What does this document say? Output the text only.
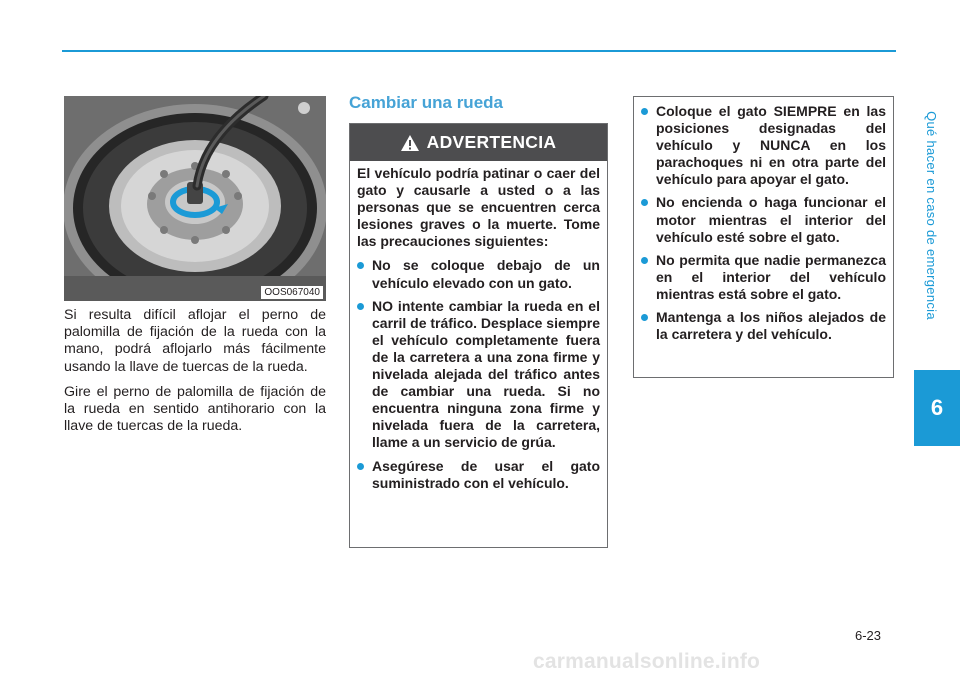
Qué hacer en caso de emergencia
6
OOS067040

Si resulta difícil aflojar el perno de palomilla de fijación de la rueda con la mano, podrá aflojarlo más fácilmente usando la llave de tuercas de la rueda.

Gire el perno de palomilla de fijación de la rueda en sentido antihorario con la llave de tuercas de la rueda.

Cambiar una rueda
ADVERTENCIA

El vehículo podría patinar o caer del gato y causarle a usted o a las personas que se encuentren cerca lesiones graves o la muerte. Tome las precauciones siguientes:

No se coloque debajo de un vehículo elevado con un gato.
NO intente cambiar la rueda en el carril de tráfico. Desplace siempre el vehículo completamente fuera de la carretera a una zona firme y nivelada alejada del tráfico antes de cambiar una rueda. Si no encuentra ninguna zona firme y nivelada fuera de la carretera, llame a un servicio de grúa.
Asegúrese de usar el gato suministrado con el vehículo.
Coloque el gato SIEMPRE en las posiciones designadas del vehículo y NUNCA en los parachoques ni en otra parte del vehículo para apoyar el gato.
No encienda o haga funcionar el motor mientras el interior del vehículo esté sobre el gato.
No permita que nadie permanezca en el interior del vehículo mientras está sobre el gato.
Mantenga a los niños alejados de la carretera y del vehículo.
6-23
carmanualsonline.info
